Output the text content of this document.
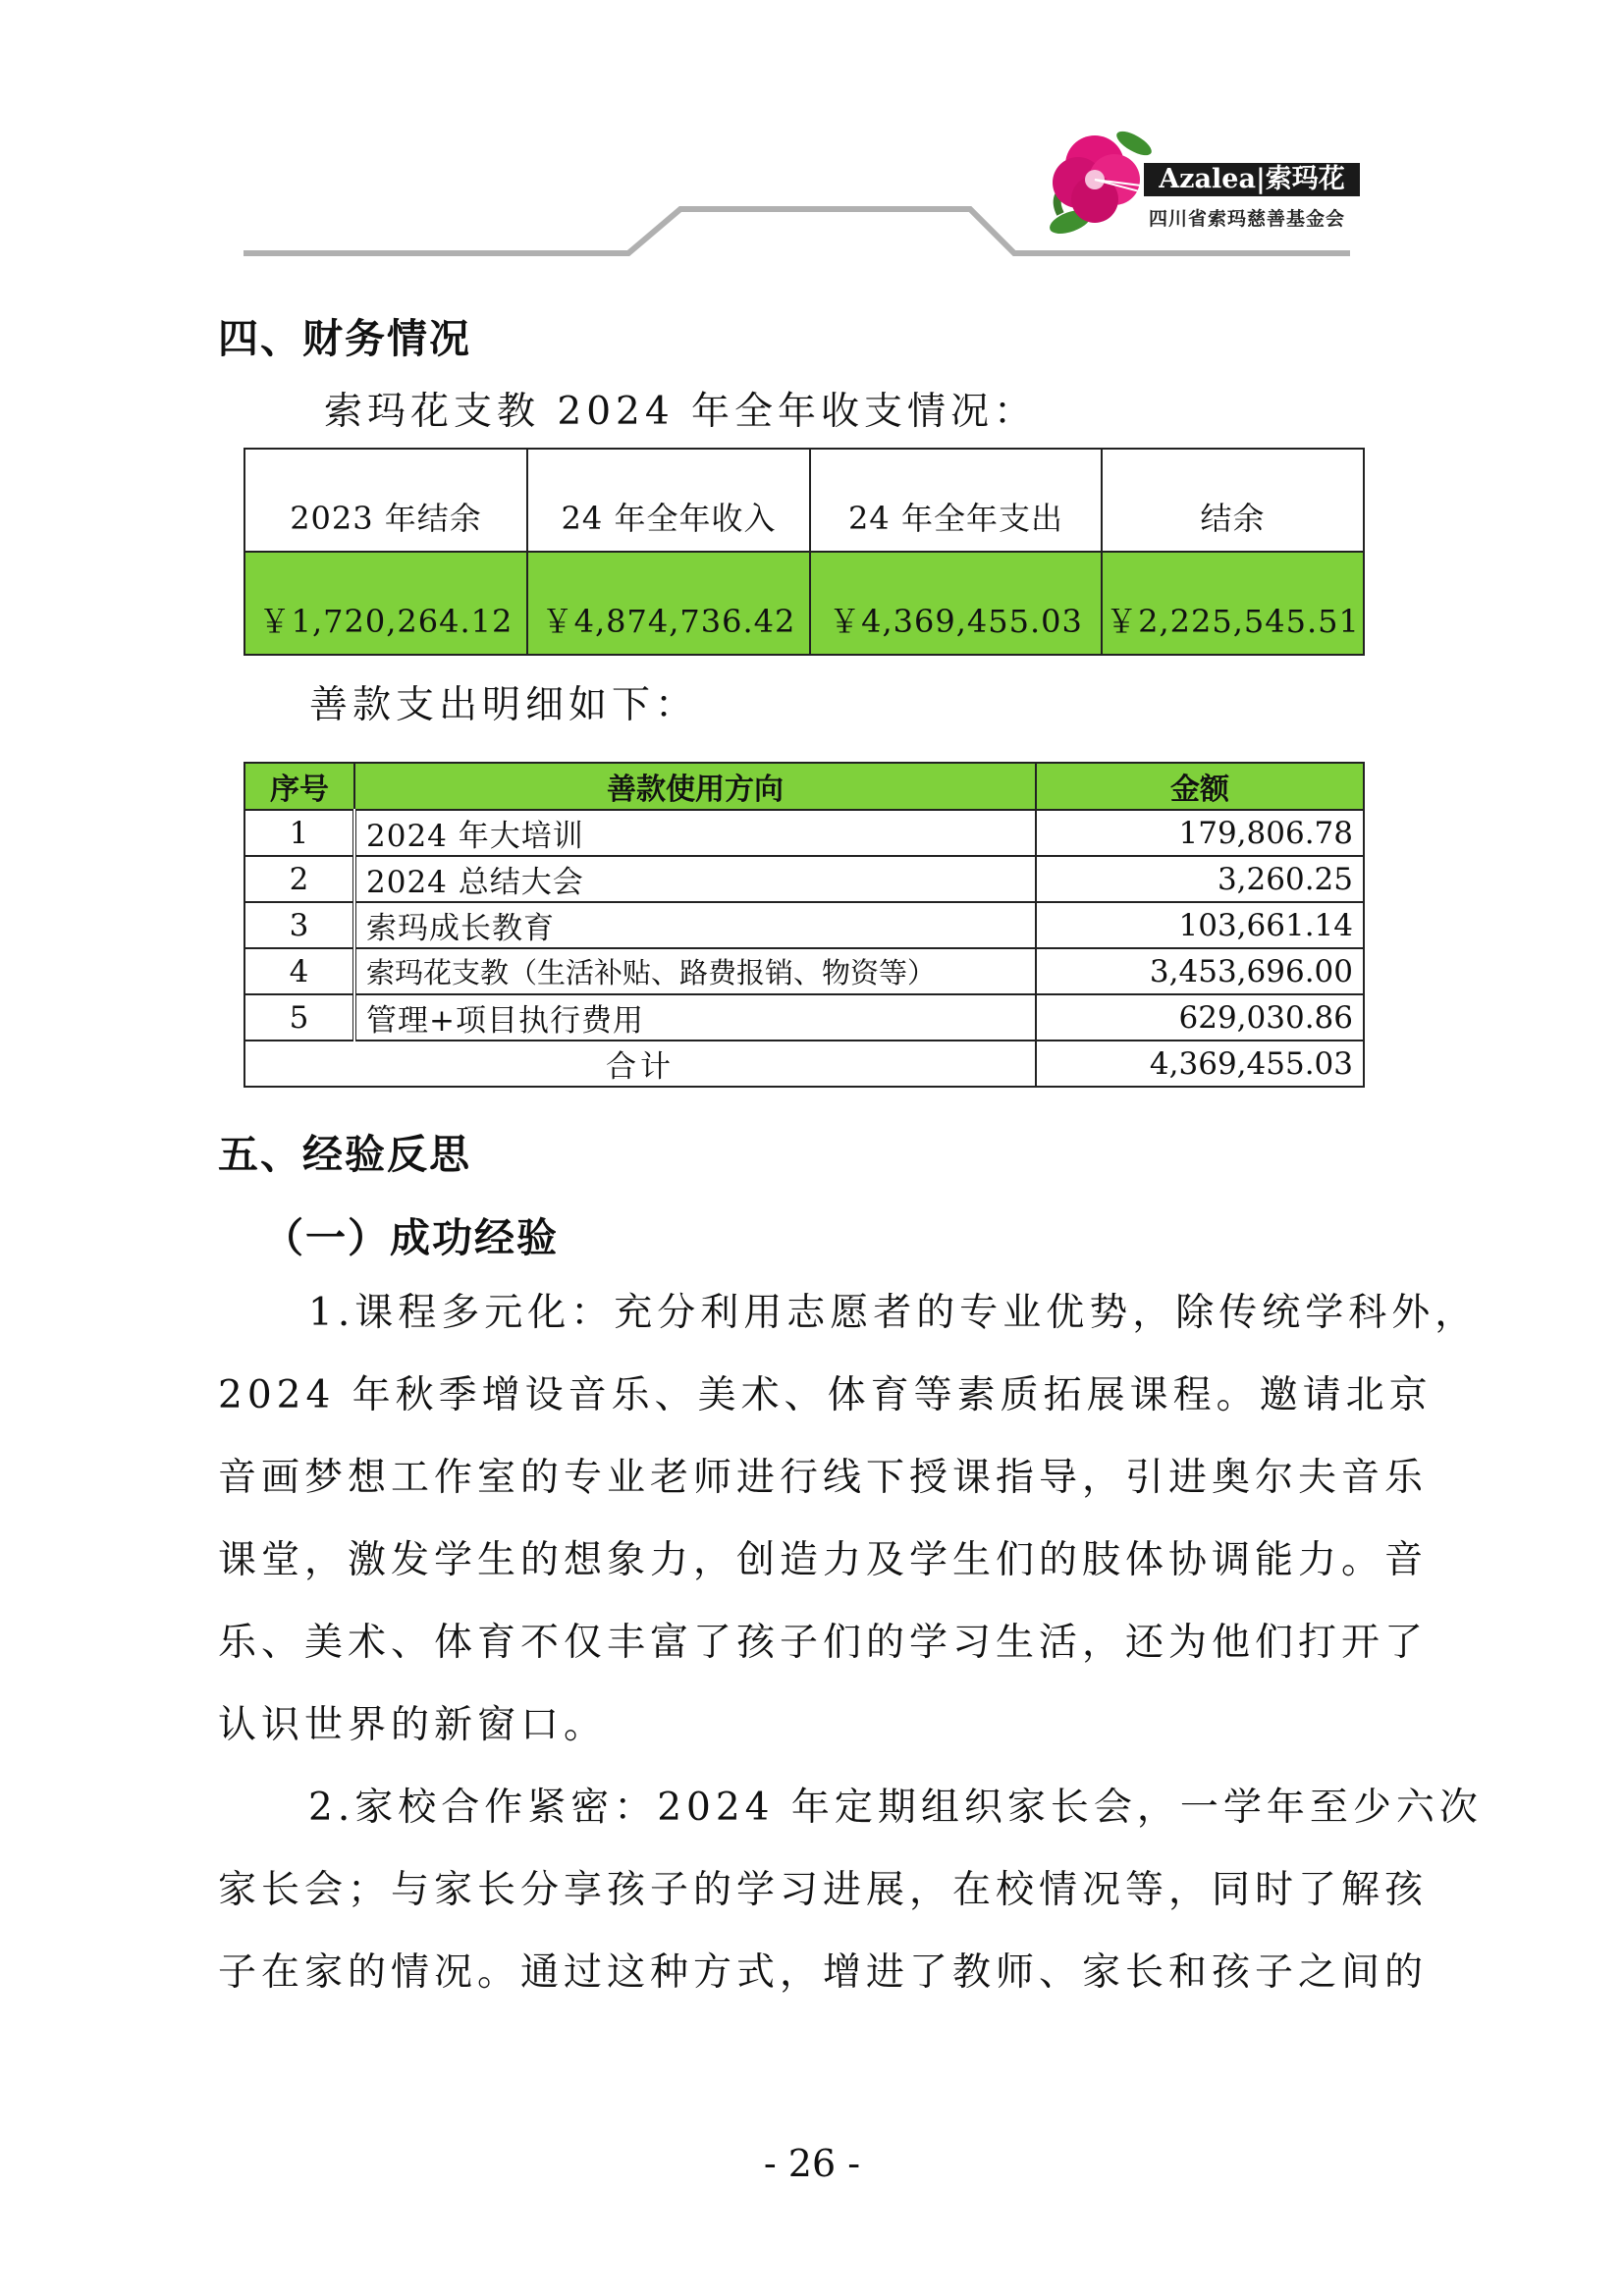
Azalea|索玛花
四川省索玛慈善基金会
四、财务情况
索玛花支教 2024 年全年收支情况：
2023 年结余	24 年全年收入	24 年全年支出	结余
￥1,720,264.12	￥4,874,736.42	￥4,369,455.03	￥2,225,545.51
善款支出明细如下：
序号	善款使用方向	金额
1	2024 年大培训	179,806.78
2	2024 总结大会	3,260.25
3	索玛成长教育	103,661.14
4	索玛花支教（生活补贴、路费报销、物资等）	3,453,696.00
5	管理+项目执行费用	629,030.86
合计		4,369,455.03
五、经验反思
（一）成功经验
1.课程多元化：充分利用志愿者的专业优势，除传统学科外，
2024 年秋季增设音乐、美术、体育等素质拓展课程。邀请北京
音画梦想工作室的专业老师进行线下授课指导，引进奥尔夫音乐
课堂，激发学生的想象力，创造力及学生们的肢体协调能力。音
乐、美术、体育不仅丰富了孩子们的学习生活，还为他们打开了
认识世界的新窗口。
2.家校合作紧密：2024 年定期组织家长会，一学年至少六次
家长会；与家长分享孩子的学习进展，在校情况等，同时了解孩
子在家的情况。通过这种方式，增进了教师、家长和孩子之间的
- 26 -
